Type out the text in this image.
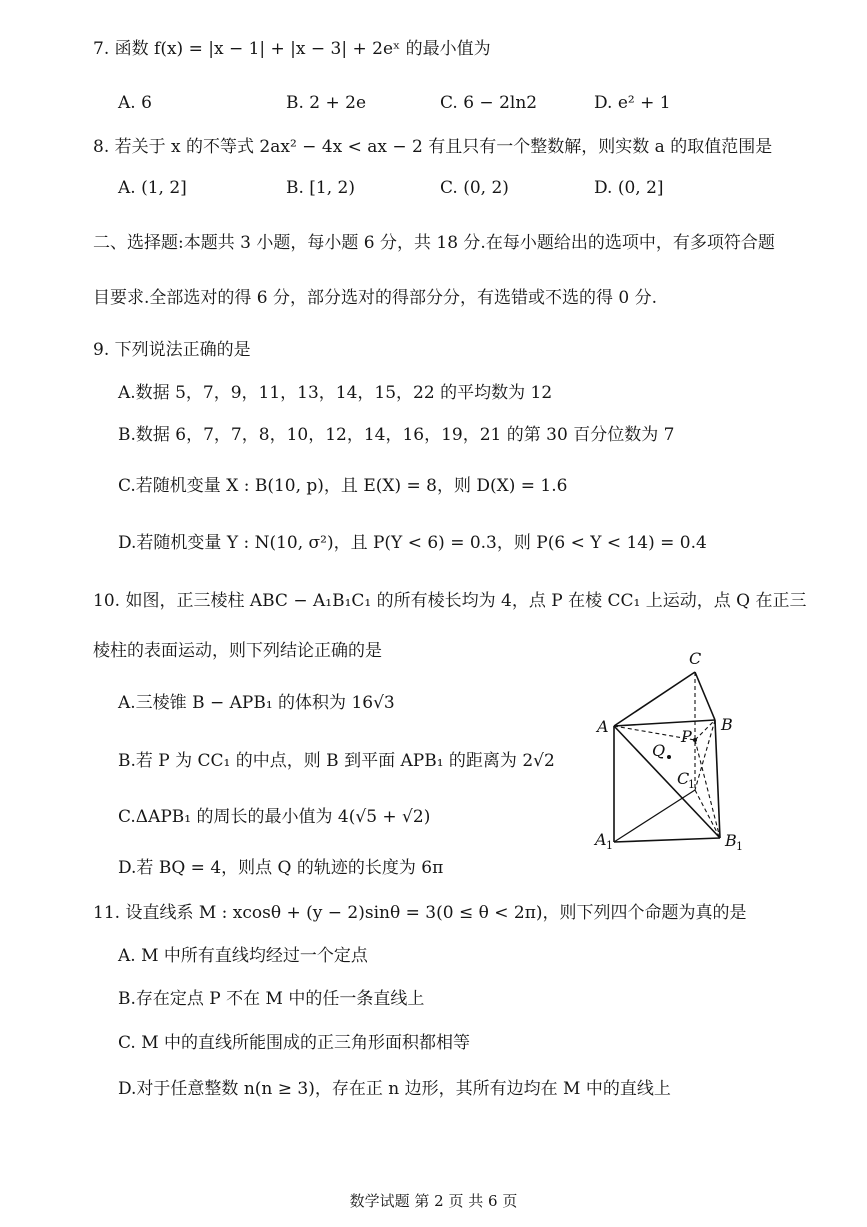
7. 函数 f(x) = |x − 1| + |x − 3| + 2eˣ 的最小值为
A. 6	B. 2 + 2e	C. 6 − 2ln2	D. e² + 1
8. 若关于 x 的不等式 2ax² − 4x < ax − 2 有且只有一个整数解，则实数 a 的取值范围是
A. (1, 2]	B. [1, 2)	C. (0, 2)	D. (0, 2]
二、选择题:本题共 3 小题，每小题 6 分，共 18 分.在每小题给出的选项中，有多项符合题
目要求.全部选对的得 6 分，部分选对的得部分分，有选错或不选的得 0 分.
9. 下列说法正确的是
A.数据 5，7，9，11，13，14，15，22 的平均数为 12
B.数据 6，7，7，8，10，12，14，16，19，21 的第 30 百分位数为 7
C.若随机变量 X : B(10, p)，且 E(X) = 8，则 D(X) = 1.6
D.若随机变量 Y : N(10, σ²)，且 P(Y < 6) = 0.3，则 P(6 < Y < 14) = 0.4
10. 如图，正三棱柱 ABC − A₁B₁C₁ 的所有棱长均为 4，点 P 在棱 CC₁ 上运动，点 Q 在正三
棱柱的表面运动，则下列结论正确的是
A.三棱锥 B − APB₁ 的体积为 16√3
B.若 P 为 CC₁ 的中点，则 B 到平面 APB₁ 的距离为 2√2
C.ΔAPB₁ 的周长的最小值为 4(√5 + √2)
D.若 BQ = 4，则点 Q 的轨迹的长度为 6π
C
A	B
P
Q
C
1
A 1	B 1
11. 设直线系 M : xcosθ + (y − 2)sinθ = 3(0 ≤ θ < 2π)，则下列四个命题为真的是
A. M 中所有直线均经过一个定点
B.存在定点 P 不在 M 中的任一条直线上
C. M 中的直线所能围成的正三角形面积都相等
D.对于任意整数 n(n ≥ 3)，存在正 n 边形，其所有边均在 M 中的直线上
数学试题 第 2 页 共 6 页
